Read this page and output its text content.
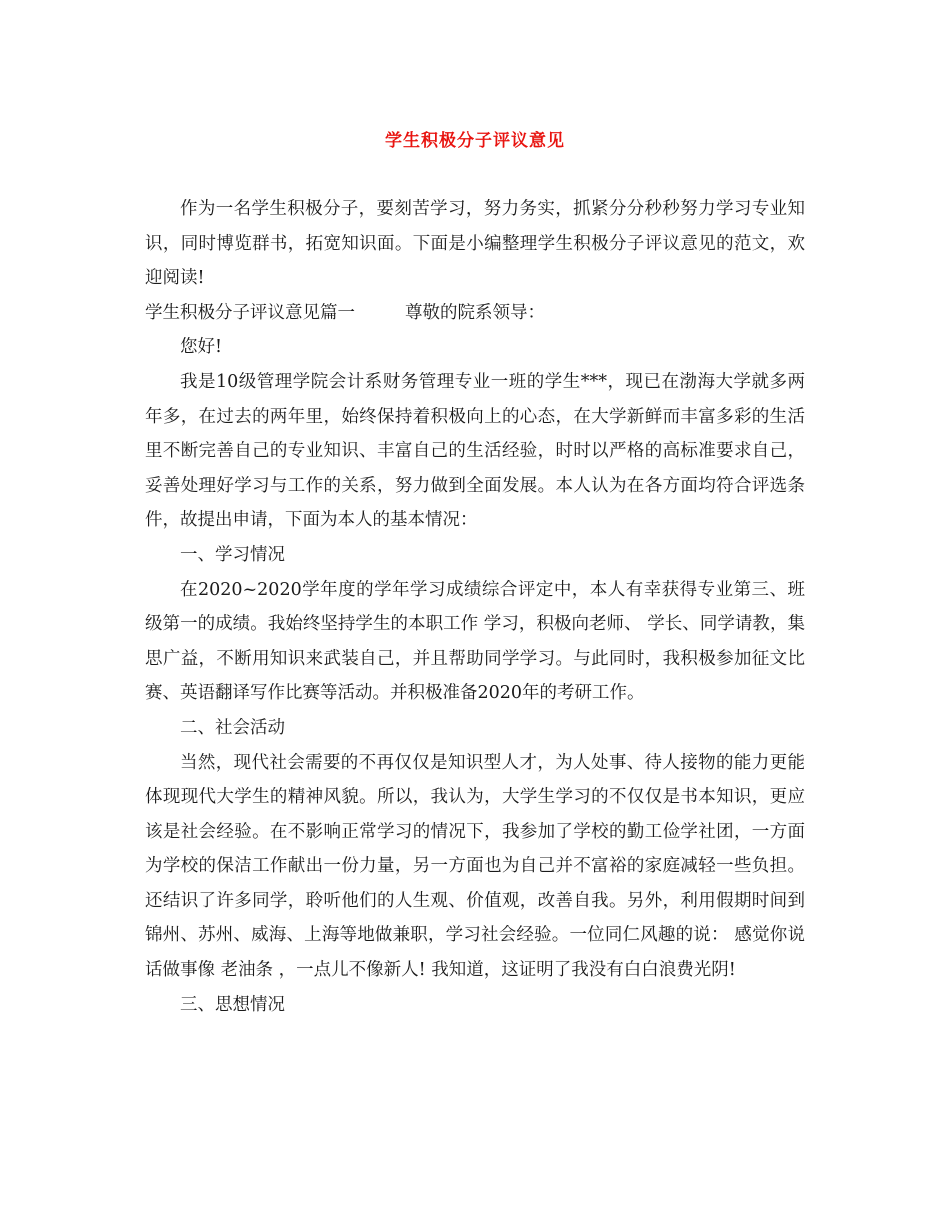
学生积极分子评议意见

作为一名学生积极分子，要刻苦学习，努力务实，抓紧分分秒秒努力学习专业知识，同时博览群书，拓宽知识面。下面是小编整理学生积极分子评议意见的范文，欢迎阅读!

学生积极分子评议意见篇一	尊敬的院系领导：

您好!

我是10级管理学院会计系财务管理专业一班的学生***，现已在渤海大学就多两年多，在过去的两年里，始终保持着积极向上的心态，在大学新鲜而丰富多彩的生活里不断完善自己的专业知识、丰富自己的生活经验，时时以严格的高标准要求自己，妥善处理好学习与工作的关系，努力做到全面发展。本人认为在各方面均符合评选条件，故提出申请，下面为本人的基本情况：

一、学习情况

在2020~2020学年度的学年学习成绩综合评定中，本人有幸获得专业第三、班级第一的成绩。我始终坚持学生的本职工作 学习，积极向老师、 学长、同学请教，集思广益，不断用知识来武装自己，并且帮助同学学习。与此同时，我积极参加征文比赛、英语翻译写作比赛等活动。并积极准备2020年的考研工作。

二、社会活动

当然，现代社会需要的不再仅仅是知识型人才，为人处事、待人接物的能力更能体现现代大学生的精神风貌。所以，我认为，大学生学习的不仅仅是书本知识，更应该是社会经验。在不影响正常学习的情况下，我参加了学校的勤工俭学社团，一方面为学校的保洁工作献出一份力量，另一方面也为自己并不富裕的家庭减轻一些负担。还结识了许多同学，聆听他们的人生观、价值观，改善自我。另外，利用假期时间到锦州、苏州、威海、上海等地做兼职，学习社会经验。一位同仁风趣的说： 感觉你说话做事像 老油条 ，一点儿不像新人! 我知道，这证明了我没有白白浪费光阴!

三、思想情况
